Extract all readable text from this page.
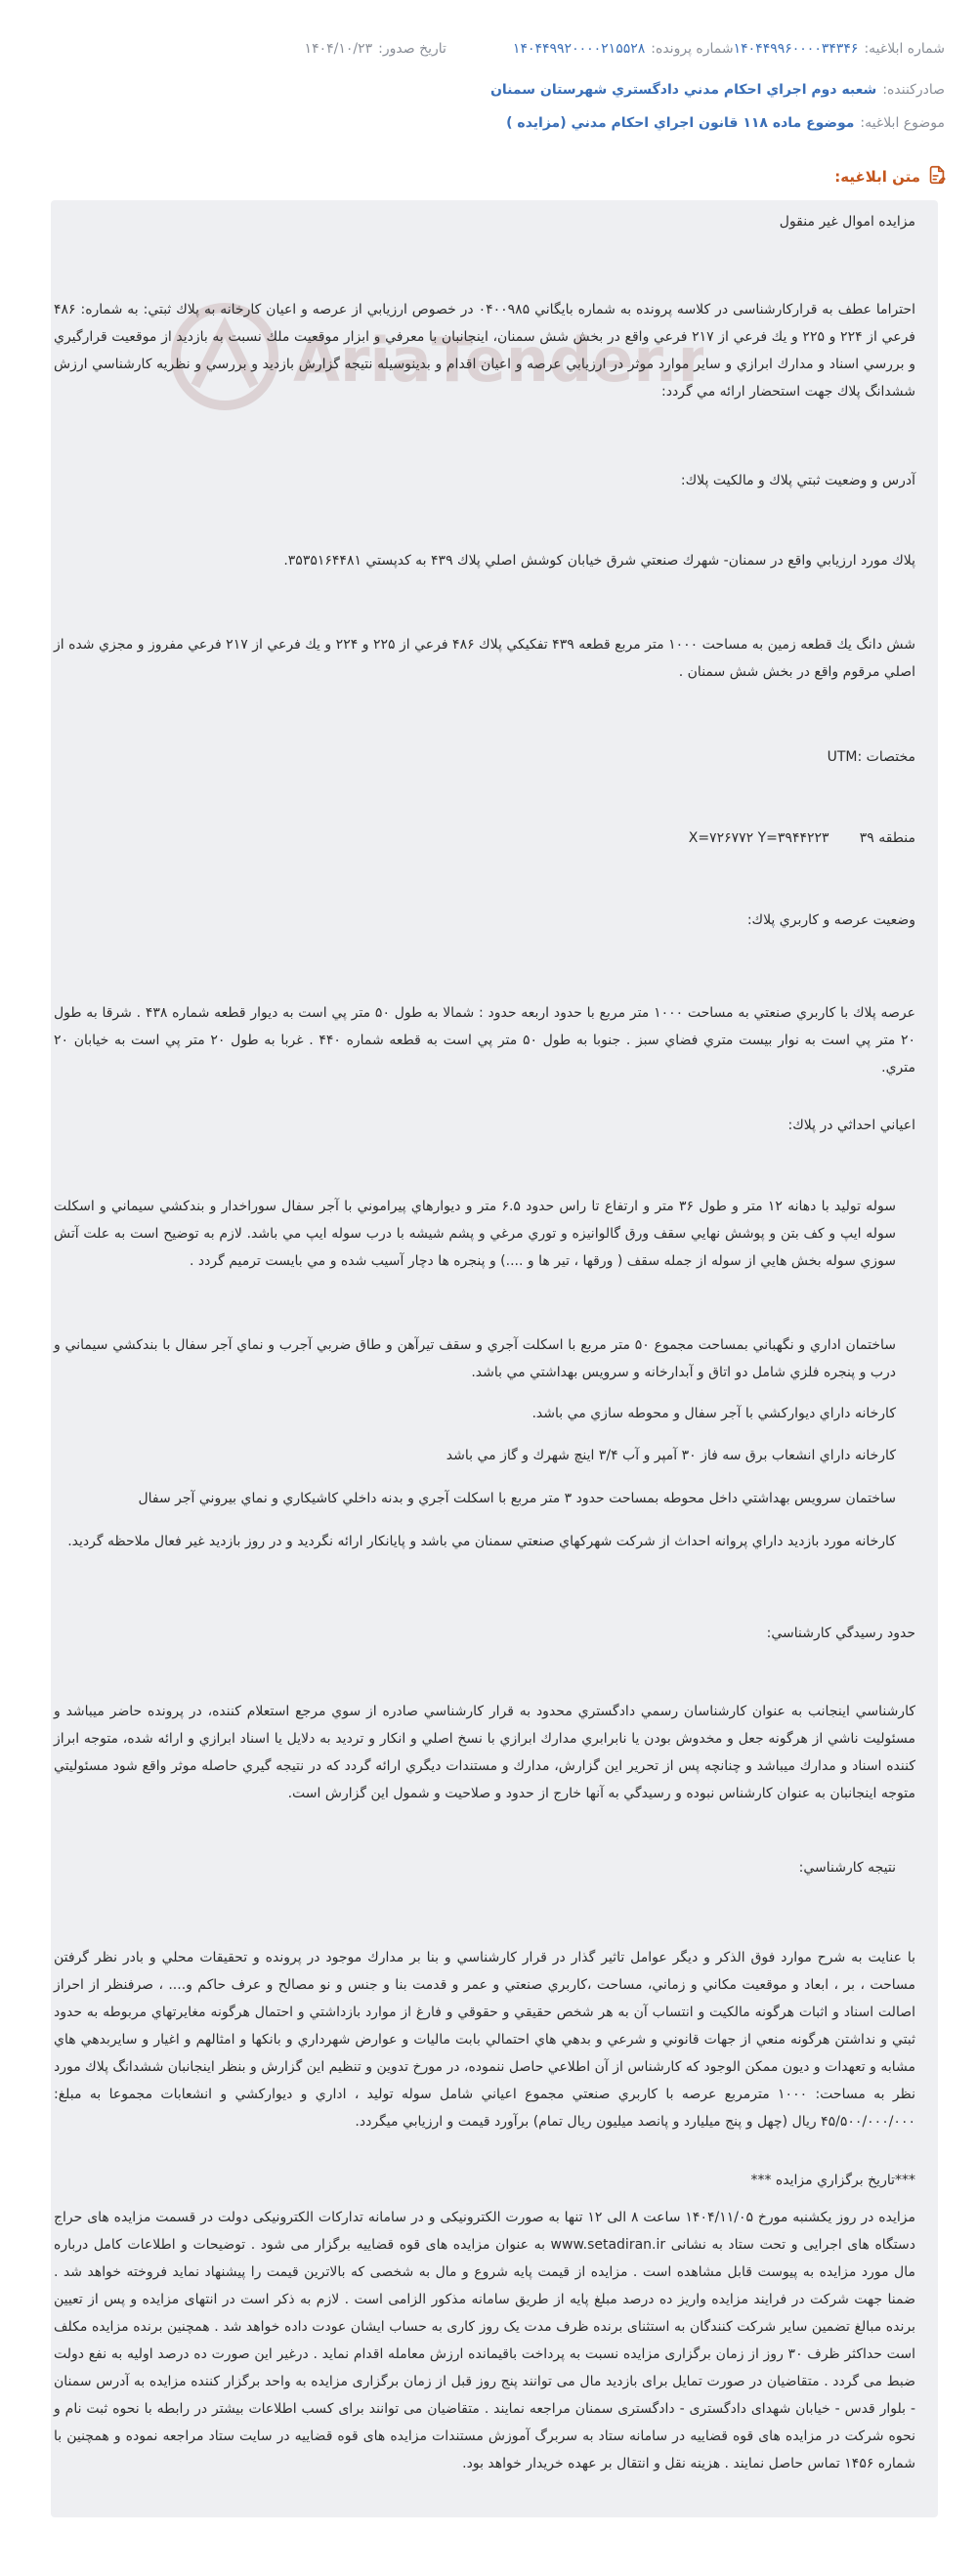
شماره ابلاغيه:
۱۴۰۴۴۹۹۶۰۰۰۰۳۴۳۴۶
شماره پرونده:
۱۴۰۴۴۹۹۲۰۰۰۰۲۱۵۵۲۸
تاریخ صدور:
۱۴۰۴/۱۰/۲۳
صادرکننده:
شعبه دوم اجراي احكام مدني دادگستري شهرستان سمنان
موضوع ابلاغیه:
موضوع ماده ۱۱۸ قانون اجراي احكام مدني (مزايده )
متن ابلاغیه:
AriaTender.n

مزايده اموال غير منقول

احتراما عطف به قرارکارشناسی در کلاسه پرونده به شماره بايگاني ۰۴۰۰۹۸۵ در خصوص ارزيابي از عرصه و اعيان كارخانه به پلاك ثبتي: به شماره: ۴۸۶ فرعي از ۲۲۴ و ۲۲۵ و يك فرعي از ۲۱۷ فرعي واقع در بخش شش سمنان، اينجانبان با معرفي و ابزار موقعيت ملك نسبت به بازديد از موقعيت قرارگيري و بررسي اسناد و مدارك ابرازي و ساير موارد موثر در ارزيابي عرصه و اعيان اقدام و بدينوسيله نتيجه گزارش بازديد و بررسي و نظريه كارشناسي ارزش ششدانگ پلاك جهت استحضار ارائه مي گردد:

آدرس و وضعيت ثبتي پلاك و مالكيت پلاك:

پلاك مورد ارزيابي واقع در سمنان- شهرك صنعتي شرق خيابان كوشش اصلي پلاك ۴۳۹ به كدپستي ۳۵۳۵۱۶۴۴۸۱.

شش دانگ يك قطعه زمين به مساحت ۱۰۰۰ متر مربع قطعه ۴۳۹ تفكيكي پلاك ۴۸۶ فرعي از ۲۲۵ و ۲۲۴ و يك فرعي از ۲۱۷ فرعي مفروز و مجزي شده از اصلي مرقوم واقع در بخش شش سمنان .

مختصات :UTM

منطقه ۳۹       X=۷۲۶۷۷۲ Y=۳۹۴۴۲۲۳

وضعيت عرصه و كاربري پلاك:

عرصه پلاك با كاربري صنعتي به مساحت ۱۰۰۰ متر مربع با حدود اربعه حدود : شمالا به طول ۵۰ متر پي است به ديوار قطعه شماره ۴۳۸ . شرقا به طول ۲۰ متر پي است به نوار بيست متري فضاي سبز . جنوبا به طول ۵۰ متر پي است به قطعه شماره ۴۴۰ . غربا به طول ۲۰ متر پي است به خيابان ۲۰ متري.

اعياني احداثي در پلاك:

سوله توليد با دهانه ۱۲ متر و طول ۳۶ متر و ارتفاع تا راس حدود ۶.۵ متر و ديوارهاي پيراموني با آجر سفال سوراخدار و بندكشي سيماني و اسكلت سوله ايپ و كف بتن و پوشش نهايي سقف ورق گالوانيزه و توري مرغي و پشم شيشه با درب سوله ايپ مي باشد. لازم به توضيح است به علت آتش سوزي سوله بخش هايي از سوله از جمله سقف ( ورقها ، تير ها و ....) و پنجره ها دچار آسيب شده و مي بايست ترميم گردد .

ساختمان اداري و نگهباني بمساحت مجموع ۵۰ متر مربع با اسكلت آجري و سقف تيرآهن و طاق ضربي آجرب و نماي آجر سفال با بندكشي سيماني و درب و پنجره فلزي شامل دو اتاق و آبدارخانه و سرويس بهداشتي مي باشد.

كارخانه داراي ديواركشي با آجر سفال و محوطه سازي مي باشد.

كارخانه داراي انشعاب برق سه فاز ۳۰ آمپر و آب ۳/۴ اينچ شهرك و گاز مي باشد

ساختمان سرويس بهداشتي داخل محوطه بمساحت حدود ۳ متر مربع با اسكلت آجري و بدنه داخلي كاشيكاري و نماي بيروني آجر سفال

كارخانه مورد بازديد داراي پروانه احداث از شركت شهركهاي صنعتي سمنان مي باشد و پايانكار ارائه نگرديد و در روز بازديد غير فعال ملاحظه گرديد.

حدود رسيدگي كارشناسي:

كارشناسي اينجانب به عنوان كارشناسان رسمي دادگستري محدود به قرار كارشناسي صادره از سوي مرجع استعلام كننده، در پرونده حاضر ميباشد و مسئوليت ناشي از هرگونه جعل و مخدوش بودن يا نابرابري مدارك ابرازي با نسخ اصلي و انكار و ترديد به دلايل يا اسناد ابرازي و ارائه شده، متوجه ابراز كننده اسناد و مدارك ميباشد و چنانچه پس از تحرير اين گزارش، مدارك و مستندات ديگري ارائه گردد كه در نتيجه گيري حاصله موثر واقع شود مسئوليتي متوجه اينجانبان به عنوان كارشناس نبوده و رسيدگي به آنها خارج از حدود و صلاحيت و شمول اين گزارش است.

نتيجه كارشناسي:

با عنايت به شرح موارد فوق الذكر و ديگر عوامل تاثير گذار در قرار كارشناسي و بنا بر مدارك موجود در پرونده و تحقيقات محلي و بادر نظر گرفتن مساحت ، بر ، ابعاد و موقعيت مكاني و زماني، مساحت ،كاربري صنعتي و عمر و قدمت بنا و جنس و نو مصالح و عرف حاكم و.... ، صرفنظر از احراز اصالت اسناد و اثبات هرگونه مالكيت و انتساب آن به هر شخص حقيقي و حقوقي و فارغ از موارد بازداشتي و احتمال هرگونه مغايرتهاي مربوطه به حدود ثبتي و نداشتن هرگونه منعي از جهات قانوني و شرعي و بدهي هاي احتمالي بابت ماليات و عوارض شهرداري و بانكها و امثالهم و اغيار و سايربدهي هاي مشابه و تعهدات و ديون ممكن الوجود كه كارشناس از آن اطلاعي حاصل ننموده، در مورخ تدوين و تنظيم اين گزارش و بنظر اينجانبان ششدانگ پلاك مورد نظر به مساحت: ۱۰۰۰ مترمربع عرصه با كاربري صنعتي مجموع اعياني شامل سوله توليد ، اداري و ديواركشي و انشعابات مجموعا به مبلغ: ۴۵/۵۰۰/۰۰۰/۰۰۰ ريال (چهل و پنج ميليارد و پانصد ميليون ريال تمام) برآورد قيمت و ارزيابي ميگردد.

***تاريخ برگزاري مزايده ***

مزايده در روز يكشنبه مورخ ۱۴۰۴/۱۱/۰۵ ساعت ۸ الی ۱۲ تنها به صورت الکترونیکی و در سامانه تدارکات الکترونیکی دولت در قسمت مزایده های حراج دستگاه های اجرایی و تحت ستاد به نشانی www.setadiran.ir به عنوان مزایده های قوه قضاییه برگزار می شود . توضیحات و اطلاعات کامل درباره مال مورد مزایده به پیوست قابل مشاهده است . مزایده از قیمت پایه شروع و مال به شخصی که بالاترین قیمت را پیشنهاد نماید فروخته خواهد شد . ضمنا جهت شرکت در فرایند مزایده واریز ده درصد مبلغ پایه از طریق سامانه مذکور الزامی است . لازم به ذکر است در انتهای مزایده و پس از تعیین برنده مبالغ تضمین سایر شرکت کنندگان به استثنای برنده ظرف مدت یک روز کاری به حساب ایشان عودت داده خواهد شد . همچنین برنده مزایده مکلف است حداکثر ظرف ۳۰ روز از زمان برگزاری مزایده نسبت به پرداخت باقیمانده ارزش معامله اقدام نماید . درغیر این صورت ده درصد اولیه به نفع دولت ضبط می گردد . متقاضیان در صورت تمایل برای بازدید مال می توانند پنج روز قبل از زمان برگزاری مزایده به واحد برگزار کننده مزایده به آدرس سمنان - بلوار قدس - خیابان شهدای دادگستری - دادگستری سمنان مراجعه نمایند . متقاضیان می توانند برای کسب اطلاعات بیشتر در رابطه با نحوه ثبت نام و نحوه شرکت در مزایده های قوه قضاییه در سامانه ستاد به سربرگ آموزش مستندات مزایده های قوه قضاییه در سایت ستاد مراجعه نموده و همچنین با شماره ۱۴۵۶ تماس حاصل نمایند . هزینه نقل و انتقال بر عهده خریدار خواهد بود.
